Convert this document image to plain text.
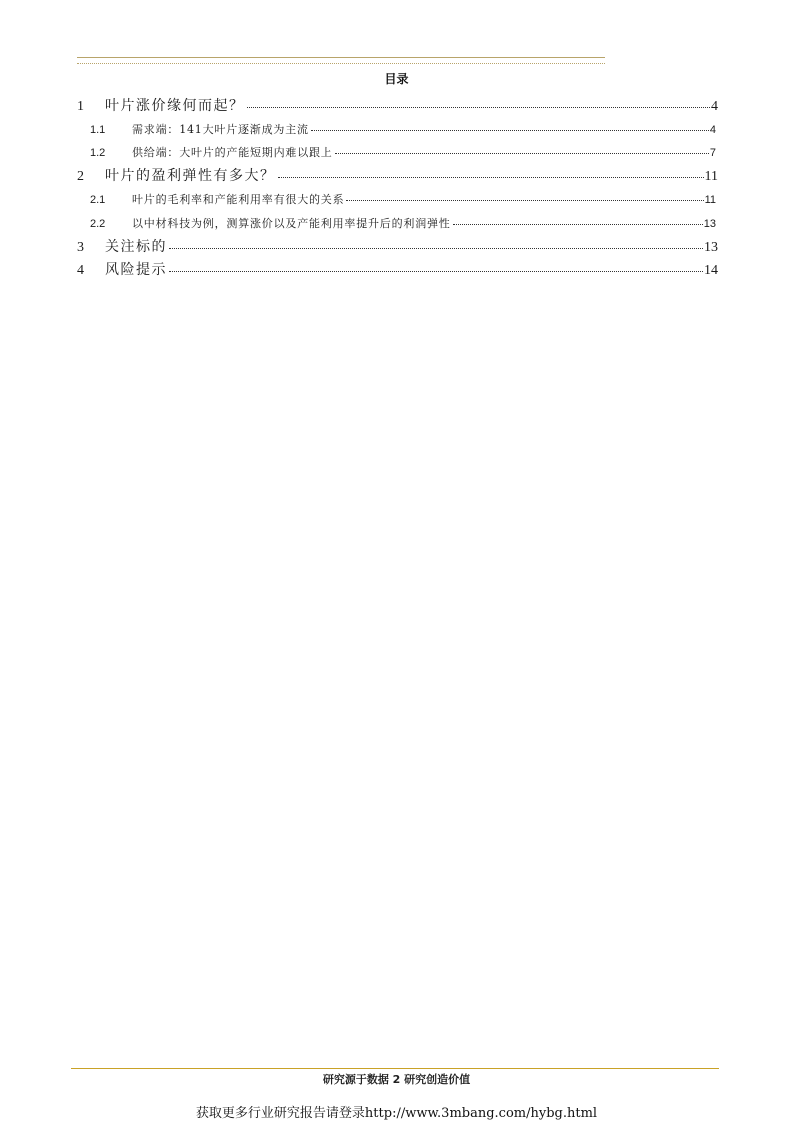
目录
1	叶片涨价缘何而起？	4
1.1	需求端：141大叶片逐渐成为主流	4
1.2	供给端：大叶片的产能短期内难以跟上	7
2	叶片的盈利弹性有多大？	11
2.1	叶片的毛利率和产能利用率有很大的关系	11
2.2	以中材科技为例，测算涨价以及产能利用率提升后的利润弹性	13
3	关注标的	13
4	风险提示	14
研究源于数据 2 研究创造价值
获取更多行业研究报告请登录http://www.3mbang.com/hybg.html
